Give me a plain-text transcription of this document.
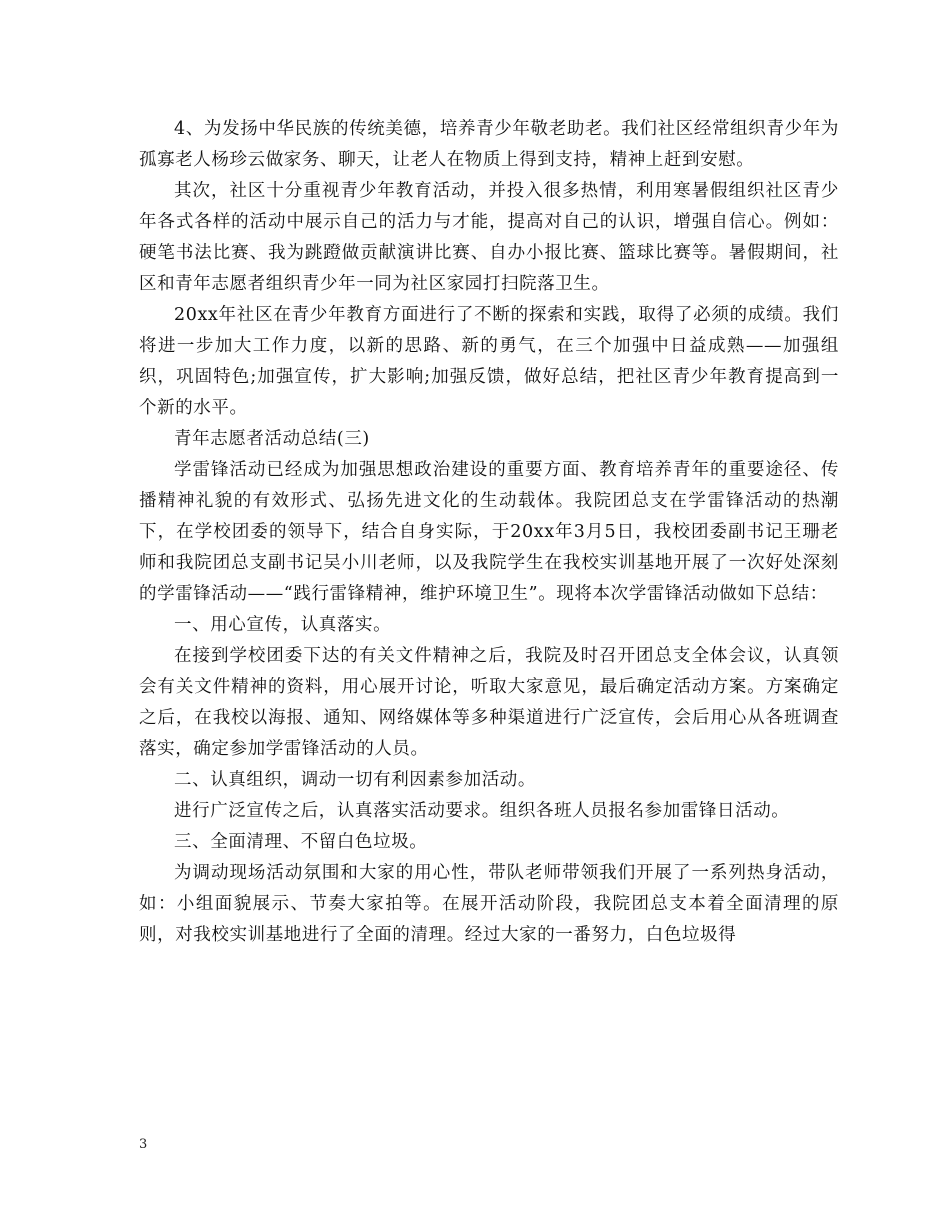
4、为发扬中华民族的传统美德，培养青少年敬老助老。我们社区经常组织青少年为孤寡老人杨珍云做家务、聊天，让老人在物质上得到支持，精神上赶到安慰。

其次，社区十分重视青少年教育活动，并投入很多热情，利用寒暑假组织社区青少年各式各样的活动中展示自己的活力与才能，提高对自己的认识，增强自信心。例如：硬笔书法比赛、我为跳蹬做贡献演讲比赛、自办小报比赛、篮球比赛等。暑假期间，社区和青年志愿者组织青少年一同为社区家园打扫院落卫生。

20xx年社区在青少年教育方面进行了不断的探索和实践，取得了必须的成绩。我们将进一步加大工作力度，以新的思路、新的勇气，在三个加强中日益成熟——加强组织，巩固特色;加强宣传，扩大影响;加强反馈，做好总结，把社区青少年教育提高到一个新的水平。

青年志愿者活动总结(三)

学雷锋活动已经成为加强思想政治建设的重要方面、教育培养青年的重要途径、传播精神礼貌的有效形式、弘扬先进文化的生动载体。我院团总支在学雷锋活动的热潮下，在学校团委的领导下，结合自身实际，于20xx年3月5日，我校团委副书记王珊老师和我院团总支副书记吴小川老师，以及我院学生在我校实训基地开展了一次好处深刻的学雷锋活动——“践行雷锋精神，维护环境卫生”。现将本次学雷锋活动做如下总结：

一、用心宣传，认真落实。

在接到学校团委下达的有关文件精神之后，我院及时召开团总支全体会议，认真领会有关文件精神的资料，用心展开讨论，听取大家意见，最后确定活动方案。方案确定之后，在我校以海报、通知、网络媒体等多种渠道进行广泛宣传，会后用心从各班调查落实，确定参加学雷锋活动的人员。

二、认真组织，调动一切有利因素参加活动。

进行广泛宣传之后，认真落实活动要求。组织各班人员报名参加雷锋日活动。

三、全面清理、不留白色垃圾。

为调动现场活动氛围和大家的用心性，带队老师带领我们开展了一系列热身活动，如：小组面貌展示、节奏大家拍等。在展开活动阶段，我院团总支本着全面清理的原则，对我校实训基地进行了全面的清理。经过大家的一番努力，白色垃圾得

3
